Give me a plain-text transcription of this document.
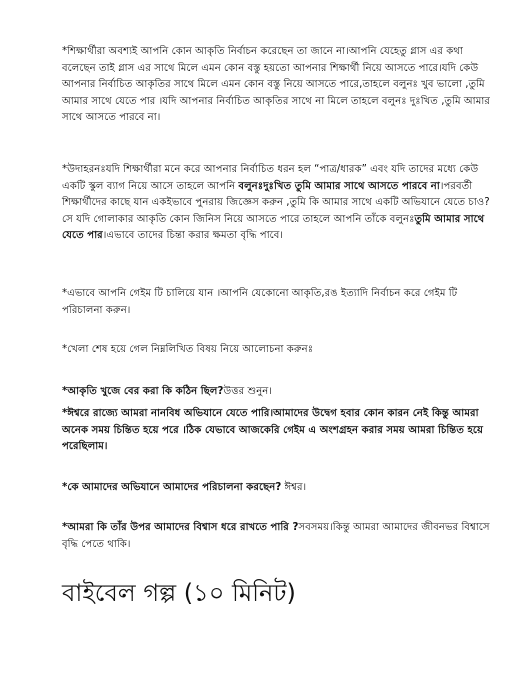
*শিক্ষার্থীরা অবশ্যই আপনি কোন আকৃতি নির্বাচন করেছেন তা জানে না।আপনি যেহেতু গ্লাস এর কথা বলেছেন তাই গ্লাস এর সাথে মিলে এমন কোন বস্তু হয়তো আপনার শিক্ষার্থী নিয়ে আসতে পারে।যদি কেউ আপনার নির্বাচিত আকৃতির সাথে মিলে এমন কোন বস্তু নিয়ে আসতে পারে,তাহলে বলুনঃ খুব ভালো ,তুমি আমার সাথে যেতে পার ।যদি আপনার নির্বাচিত আকৃতির সাথে না মিলে তাহলে বলুনঃ দুঃখিত ,তুমি আমার সাথে আসতে পারবে না।

*উদাহরনঃযদি শিক্ষার্থীরা মনে করে আপনার নির্বাচিত ধরন হল “পাত্র/ধারক” এবং যদি তাদের মধ্যে কেউ একটি স্কুল ব্যাগ নিয়ে আসে তাহলে আপনি বলুনঃদুঃখিত তুমি আমার সাথে আসতে পারবে না।পরবর্তী শিক্ষার্থীদের কাছে যান একইভাবে পুনরায় জিজ্ঞেস করুন ,তুমি কি আমার সাথে একটি অভিযানে যেতে চাও?সে যদি গোলাকার আকৃতি কোন জিনিস নিয়ে আসতে পারে তাহলে আপনি তাঁকে বলুনঃতুমি আমার সাথে যেতে পার।এভাবে তাদের চিন্তা করার ক্ষমতা বৃদ্ধি পাবে।

*এভাবে আপনি গেইম টি চালিয়ে যান ।আপনি যেকোনো আকৃতি,রঙ ইত্যাদি নির্বাচন করে গেইম টি পরিচালনা করুন।

*খেলা শেষ হয়ে গেল নিম্নলিখিত বিষয় নিয়ে আলোচনা করুনঃ

*আকৃতি খুজে বের করা কি কঠিন ছিল?উত্তর শুনুন।

*ঈশ্বরে রাজ্যে আমরা নানবিধ অভিযানে যেতে পারি।আমাদের উদ্বেগ হবার কোন কারন নেই কিন্তু আমরা অনেক সময় চিন্তিত হয়ে পরে ।ঠিক যেভাবে আজকেরি গেইম এ অংশগ্রহন করার সময় আমরা চিন্তিত হয়ে পরেছিলাম।

*কে আমাদের অভিযানে আমাদের পরিচালনা করছেন? ঈশ্বর।

*আমরা কি তাঁর উপর আমাদের বিশ্বাস ধরে রাখতে পারি ?সবসময়।কিন্তু আমরা আমাদের জীবনভর বিশ্বাসে বৃদ্ধি পেতে থাকি।

বাইবেল গল্প (১০ মিনিট)
